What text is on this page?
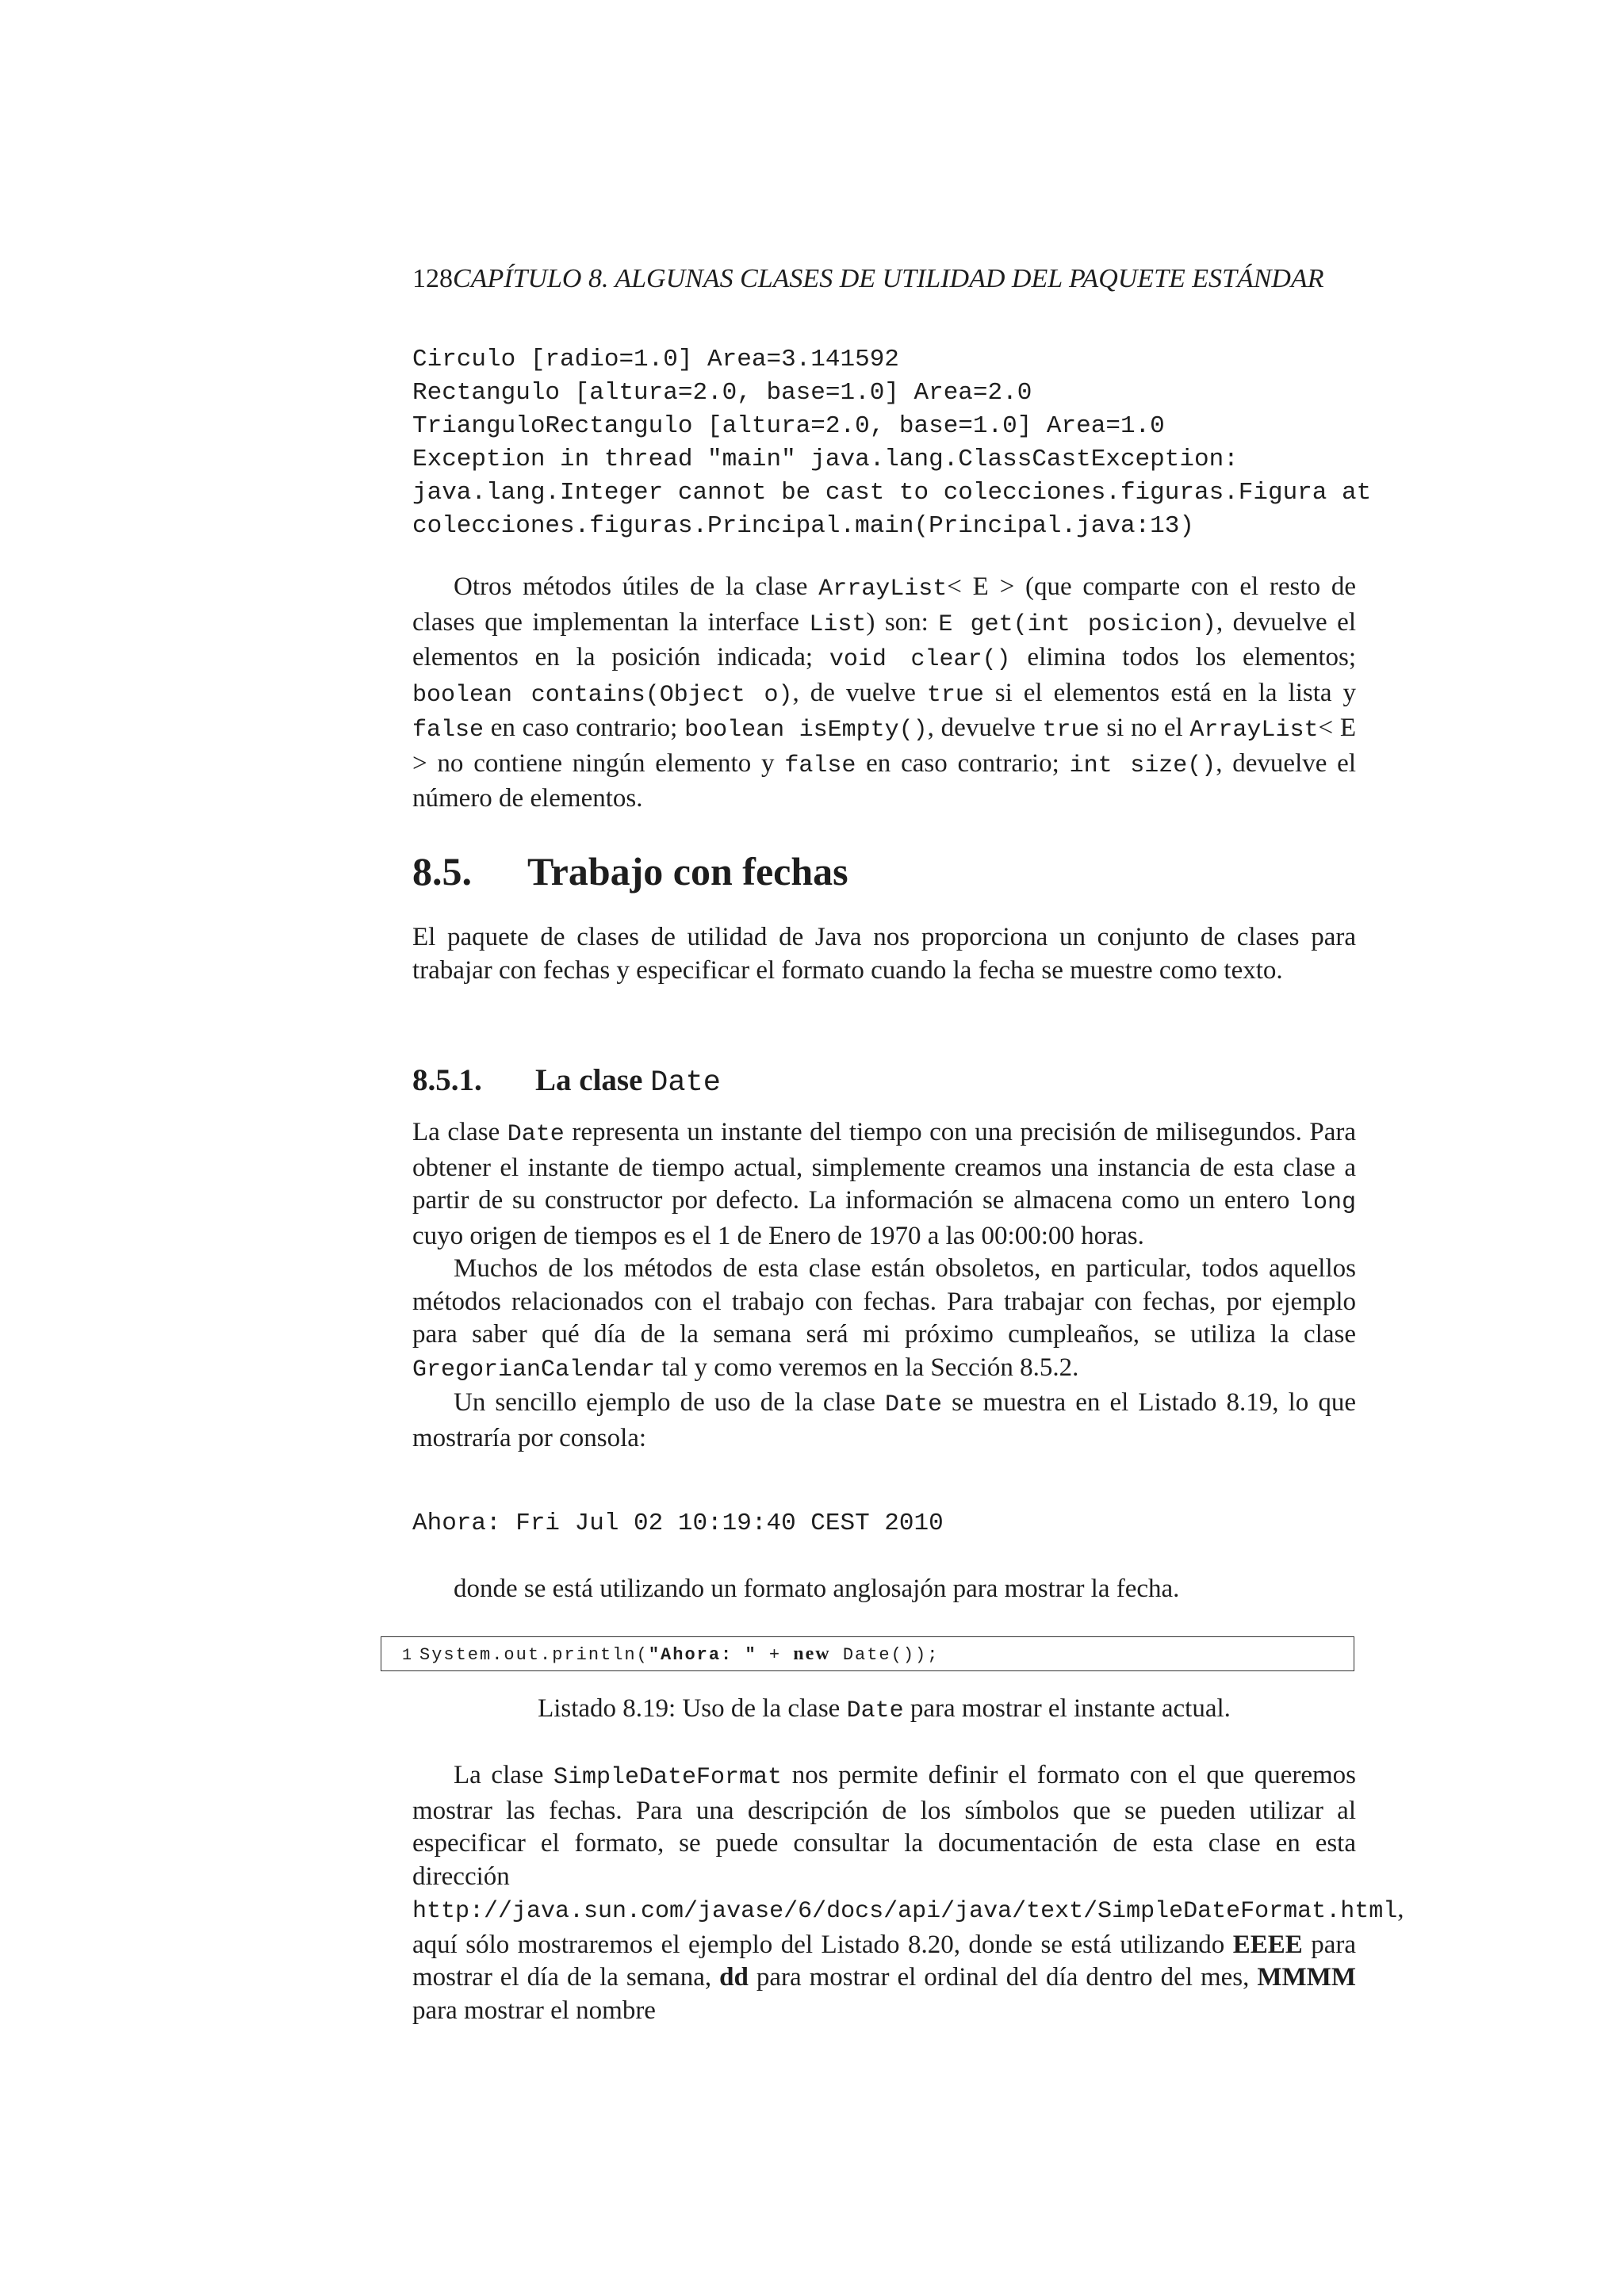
128CAPÍTULO 8. ALGUNAS CLASES DE UTILIDAD DEL PAQUETE ESTÁNDAR
Circulo [radio=1.0] Area=3.141592
Rectangulo [altura=2.0, base=1.0] Area=2.0
TrianguloRectangulo [altura=2.0, base=1.0] Area=1.0
Exception in thread "main" java.lang.ClassCastException:
java.lang.Integer cannot be cast to colecciones.figuras.Figura at
colecciones.figuras.Principal.main(Principal.java:13)

Otros métodos útiles de la clase ArrayList< E > (que comparte con el resto de clases que implementan la interface List) son: E get(int posicion), devuelve el elementos en la posición indicada; void clear() elimina todos los elementos; boolean contains(Object o), de vuelve true si el elementos está en la lista y false en caso contrario; boolean isEmpty(), devuelve true si no el ArrayList< E > no contiene ningún elemento y false en caso contrario; int size(), devuelve el número de elementos.

8.5. Trabajo con fechas

El paquete de clases de utilidad de Java nos proporciona un conjunto de clases para trabajar con fechas y especificar el formato cuando la fecha se muestre como texto.

8.5.1. La clase Date

La clase Date representa un instante del tiempo con una precisión de milisegundos. Para obtener el instante de tiempo actual, simplemente creamos una instancia de esta clase a partir de su constructor por defecto. La información se almacena como un entero long cuyo origen de tiempos es el 1 de Enero de 1970 a las 00:00:00 horas.

Muchos de los métodos de esta clase están obsoletos, en particular, todos aquellos métodos relacionados con el trabajo con fechas. Para trabajar con fechas, por ejemplo para saber qué día de la semana será mi próximo cumpleaños, se utiliza la clase GregorianCalendar tal y como veremos en la Sección 8.5.2.

Un sencillo ejemplo de uso de la clase Date se muestra en el Listado 8.19, lo que mostraría por consola:

Ahora: Fri Jul 02 10:19:40 CEST 2010

donde se está utilizando un formato anglosajón para mostrar la fecha.

1 System.out.println("Ahora: " + new Date());
Listado 8.19: Uso de la clase Date para mostrar el instante actual.

La clase SimpleDateFormat nos permite definir el formato con el que queremos mostrar las fechas. Para una descripción de los símbolos que se pueden utilizar al especificar el formato, se puede consultar la documentación de esta clase en esta dirección http://java.sun.com/javase/6/docs/api/java/text/SimpleDateFormat.html, aquí sólo mostraremos el ejemplo del Listado 8.20, donde se está utilizando EEEE para mostrar el día de la semana, dd para mostrar el ordinal del día dentro del mes, MMMM para mostrar el nombre
